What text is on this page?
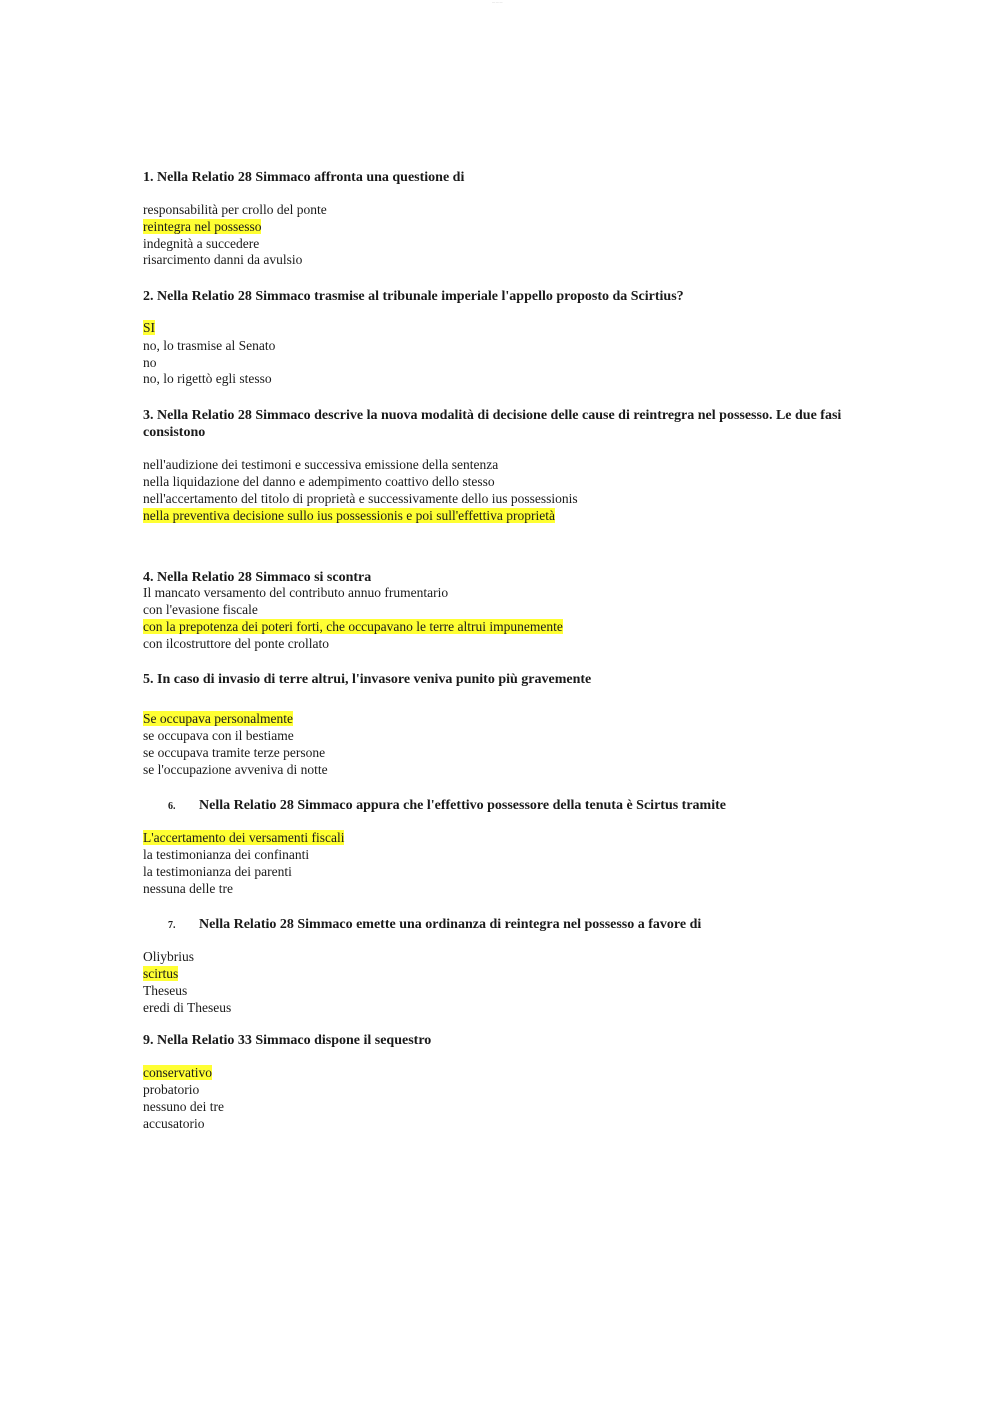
— — —
1. Nella Relatio 28 Simmaco affronta una questione di
responsabilità per crollo del ponte
reintegra nel possesso
indegnità a succedere
risarcimento danni da avulsio
2. Nella Relatio 28 Simmaco trasmise al tribunale imperiale l'appello proposto da Scirtius?
SI
no, lo trasmise al Senato
no
no, lo rigettò egli stesso
3. Nella Relatio 28 Simmaco descrive la nuova modalità di decisione delle cause di reintregra nel possesso. Le due fasi consistono
nell'audizione dei testimoni e successiva emissione della sentenza
nella liquidazione del danno e adempimento coattivo dello stesso
nell'accertamento del titolo di proprietà e successivamente dello ius possessionis
nella preventiva decisione sullo ius possessionis e poi sull'effettiva proprietà
4. Nella Relatio 28 Simmaco si scontra
Il mancato versamento del contributo annuo frumentario
con l'evasione fiscale
con la prepotenza dei poteri forti, che occupavano le terre altrui impunemente
con ilcostruttore del ponte crollato
5. In caso di invasio di terre altrui, l'invasore veniva punito più gravemente
Se occupava personalmente
se occupava con il bestiame
se occupava tramite terze persone
se l'occupazione avveniva di notte
6. Nella Relatio 28 Simmaco appura che l'effettivo possessore della tenuta è Scirtus tramite
L'accertamento dei versamenti fiscali
la testimonianza dei confinanti
la testimonianza dei parenti
nessuna delle tre
7. Nella Relatio 28 Simmaco emette una ordinanza di reintegra nel possesso a favore di
Oliybrius
scirtus
Theseus
eredi di Theseus
9. Nella Relatio 33 Simmaco dispone il sequestro
conservativo
probatorio
nessuno dei tre
accusatorio
